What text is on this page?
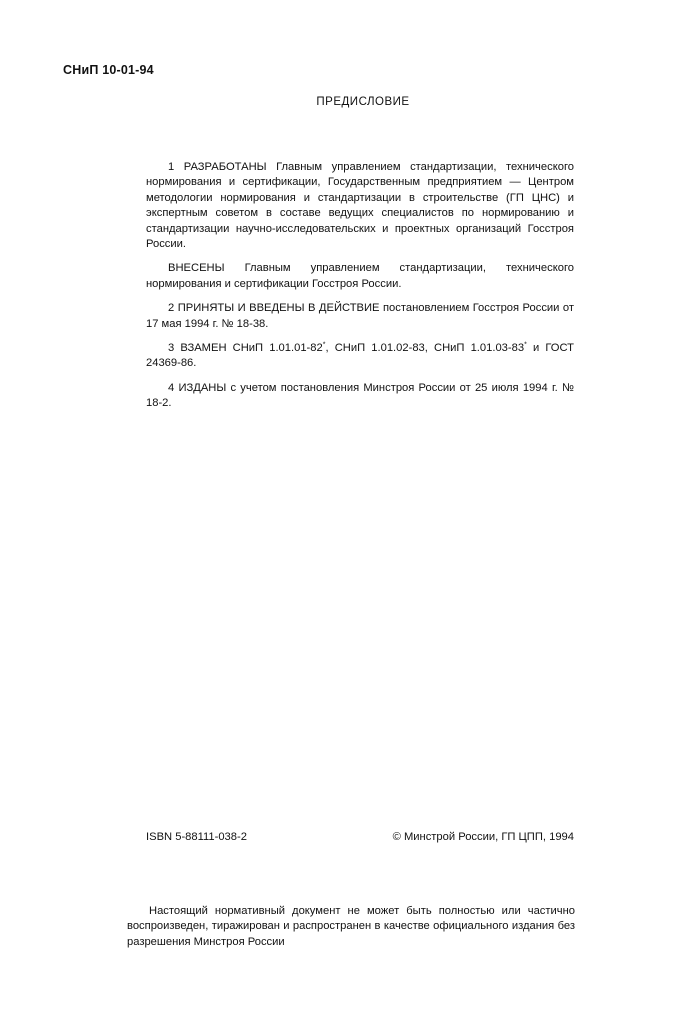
СНиП 10-01-94
ПРЕДИСЛОВИЕ

1 РАЗРАБОТАНЫ Главным управлением стандартизации, технического нормирования и сертификации, Государственным предприятием — Центром методологии нормирования и стандартизации в строительстве (ГП ЦНС) и экспертным советом в составе ведущих специалистов по нормированию и стандартизации научно-исследовательских и проектных организаций Госстроя России.

ВНЕСЕНЫ Главным управлением стандартизации, технического нормирования и сертификации Госстроя России.

2 ПРИНЯТЫ И ВВЕДЕНЫ В ДЕЙСТВИЕ постановлением Госстроя России от 17 мая 1994 г. № 18-38.

3 ВЗАМЕН СНиП 1.01.01-82*, СНиП 1.01.02-83, СНиП 1.01.03-83* и ГОСТ 24369-86.

4 ИЗДАНЫ с учетом постановления Минстроя России от 25 июля 1994 г. № 18-2.

ISBN 5-88111-038-2	© Минстрой России, ГП ЦПП, 1994

Настоящий нормативный документ не может быть полностью или частично воспроизведен, тиражирован и распространен в качестве официального издания без разрешения Минстроя России
